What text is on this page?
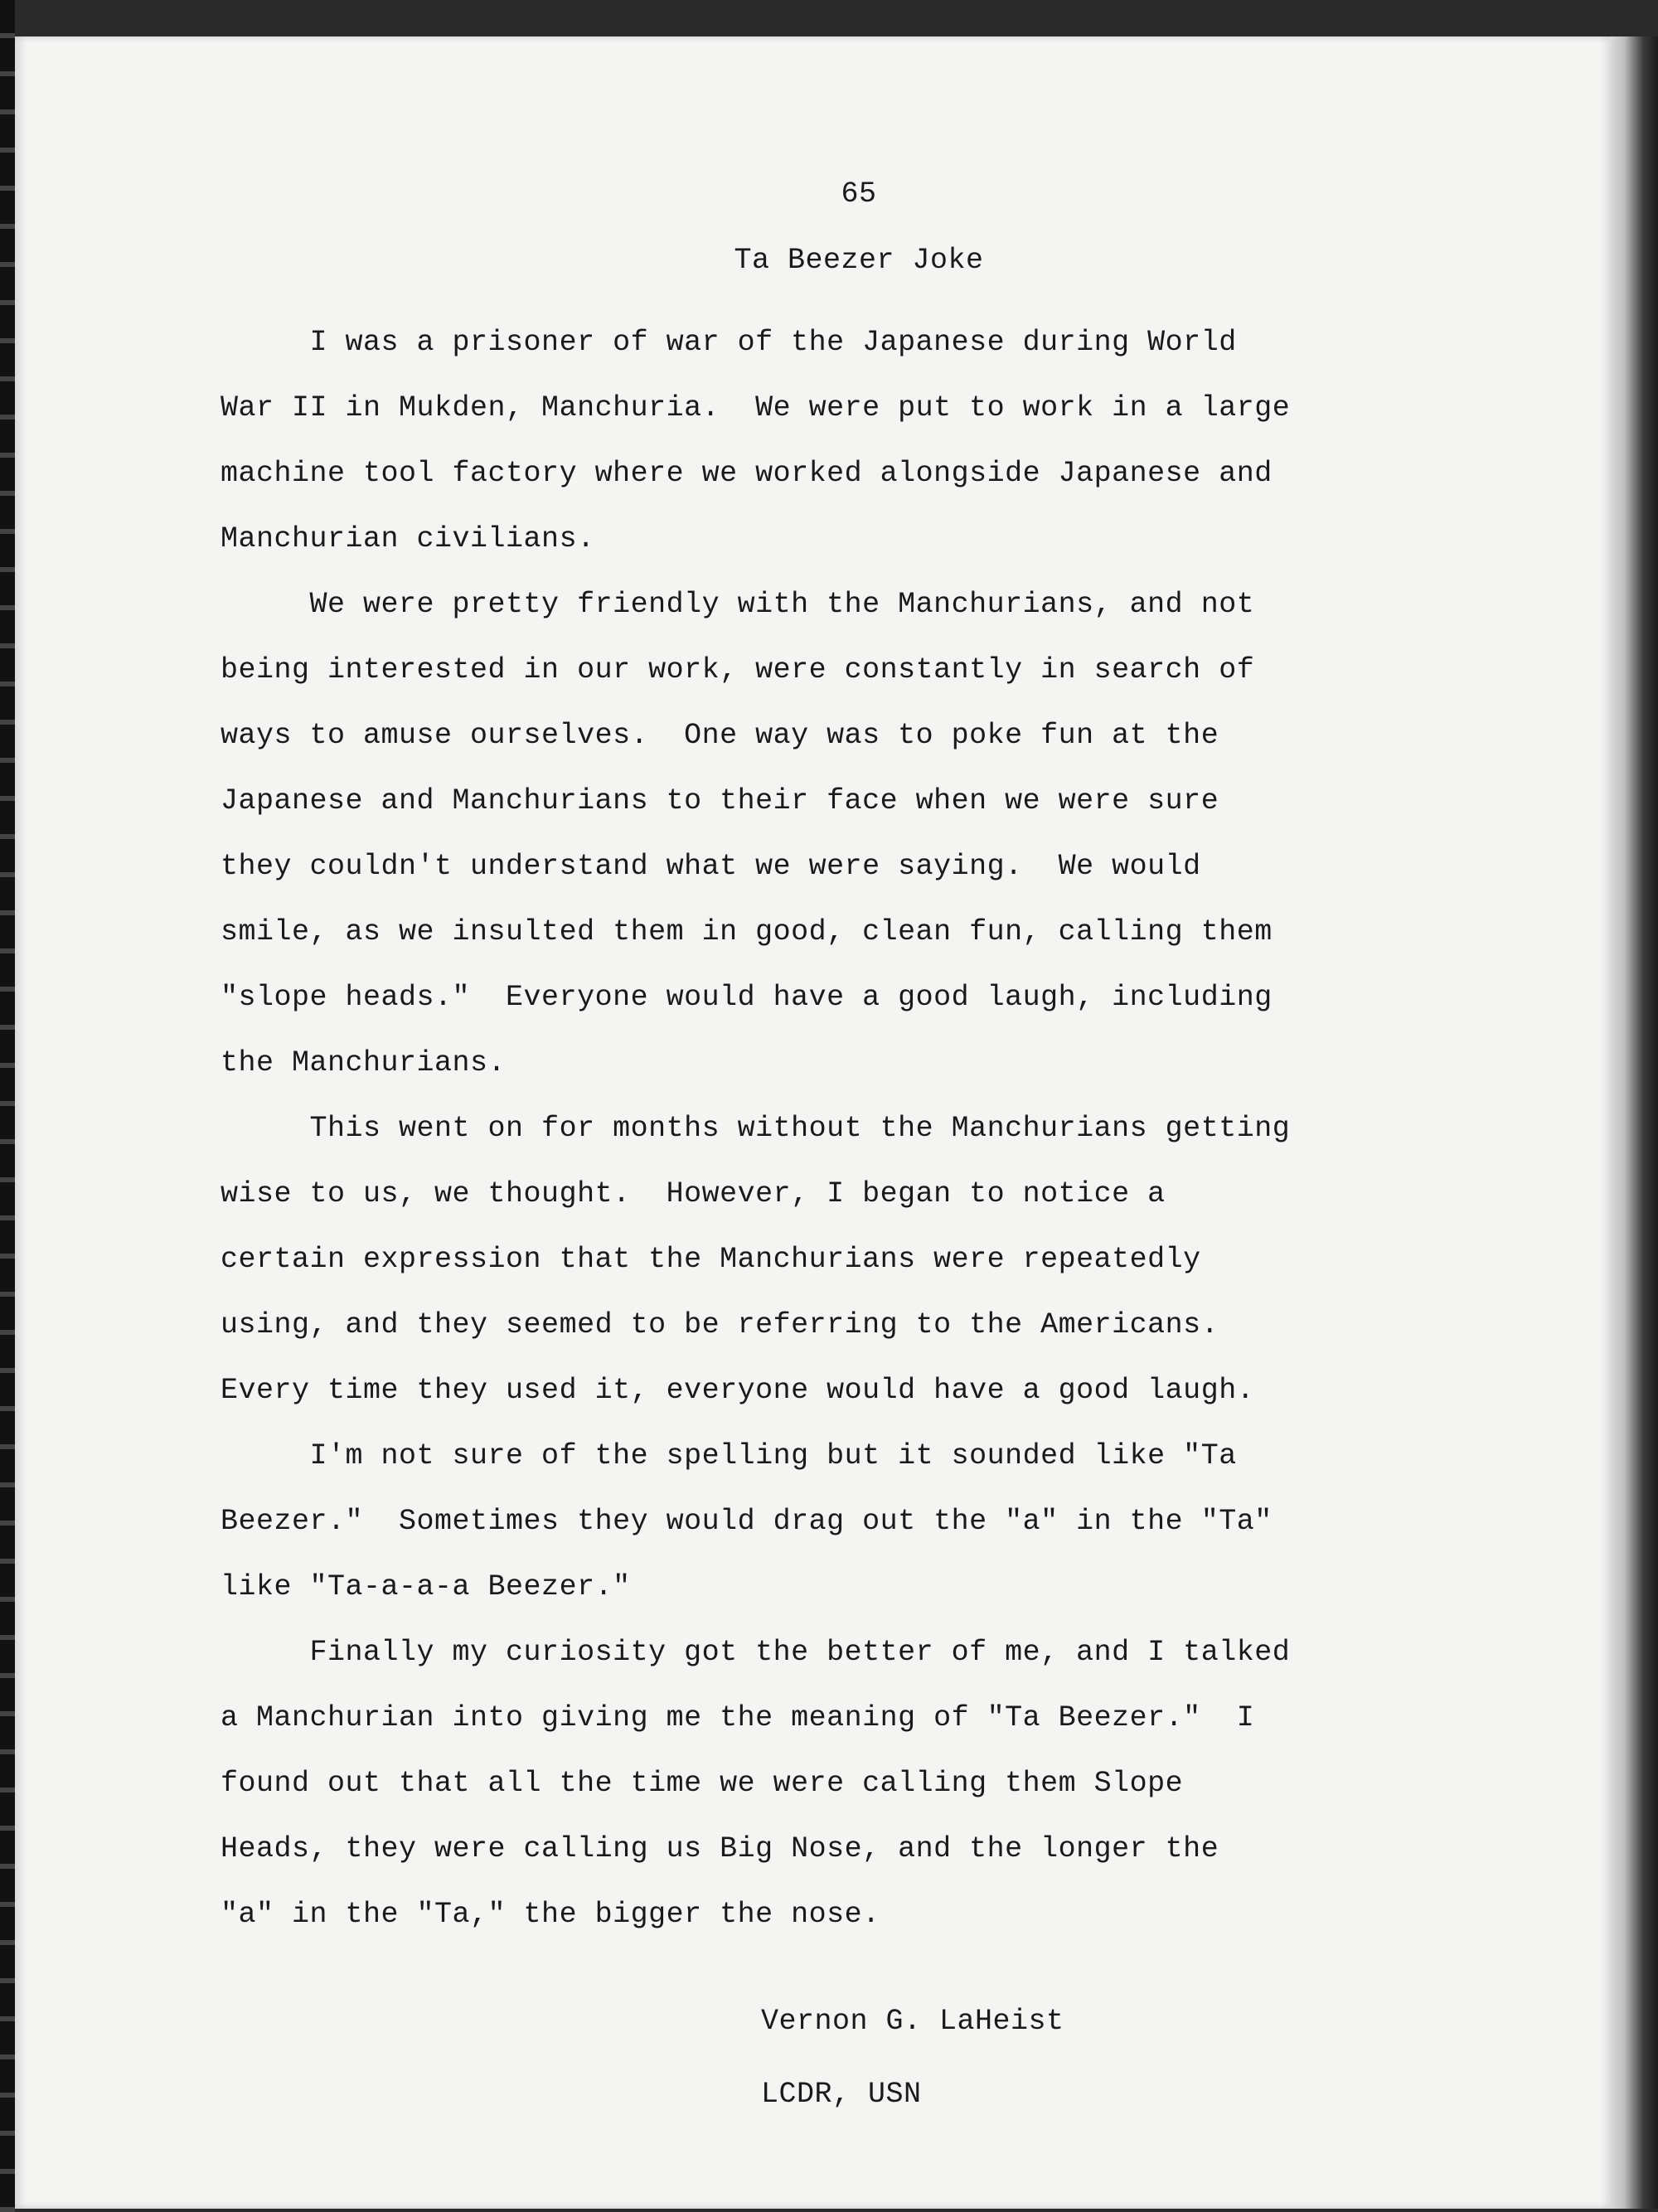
65
Ta Beezer Joke
I was a prisoner of war of the Japanese during World
War II in Mukden, Manchuria.  We were put to work in a large
machine tool factory where we worked alongside Japanese and
Manchurian civilians.
We were pretty friendly with the Manchurians, and not
being interested in our work, were constantly in search of
ways to amuse ourselves.  One way was to poke fun at the
Japanese and Manchurians to their face when we were sure
they couldn't understand what we were saying.  We would
smile, as we insulted them in good, clean fun, calling them
"slope heads."  Everyone would have a good laugh, including
the Manchurians.
This went on for months without the Manchurians getting
wise to us, we thought.  However, I began to notice a
certain expression that the Manchurians were repeatedly
using, and they seemed to be referring to the Americans.
Every time they used it, everyone would have a good laugh.
I'm not sure of the spelling but it sounded like "Ta
Beezer."  Sometimes they would drag out the "a" in the "Ta"
like "Ta-a-a-a Beezer."
Finally my curiosity got the better of me, and I talked
a Manchurian into giving me the meaning of "Ta Beezer."  I
found out that all the time we were calling them Slope
Heads, they were calling us Big Nose, and the longer the
"a" in the "Ta," the bigger the nose.
Vernon G. LaHeist
LCDR, USN
